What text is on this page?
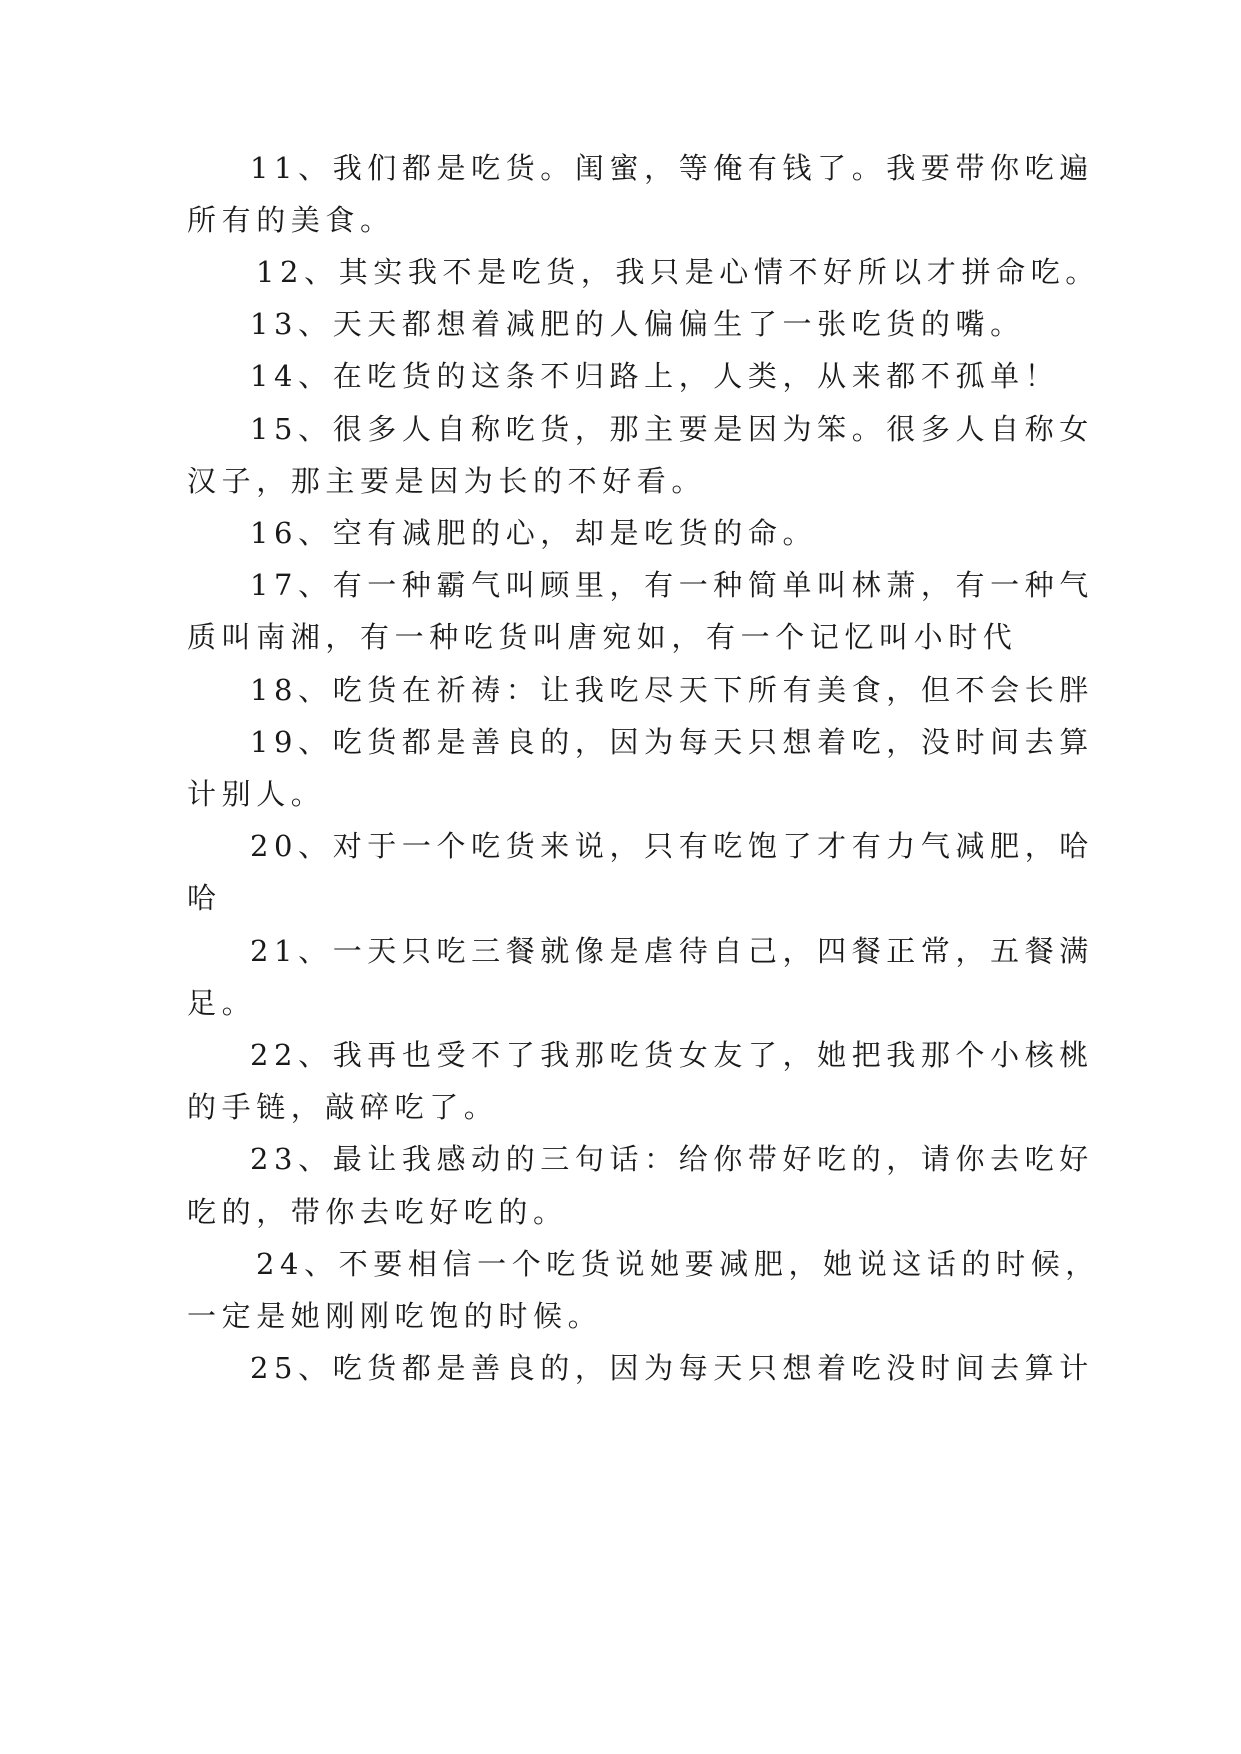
11、我们都是吃货。闺蜜，等俺有钱了。我要带你吃遍
所有的美食。
12、其实我不是吃货，我只是心情不好所以才拼命吃。
13、天天都想着减肥的人偏偏生了一张吃货的嘴。
14、在吃货的这条不归路上，人类，从来都不孤单！
15、很多人自称吃货，那主要是因为笨。很多人自称女
汉子，那主要是因为长的不好看。
16、空有减肥的心，却是吃货的命。
17、有一种霸气叫顾里，有一种简单叫林萧，有一种气
质叫南湘，有一种吃货叫唐宛如，有一个记忆叫小时代
18、吃货在祈祷：让我吃尽天下所有美食，但不会长胖
19、吃货都是善良的，因为每天只想着吃，没时间去算
计别人。
20、对于一个吃货来说，只有吃饱了才有力气减肥，哈
哈
21、一天只吃三餐就像是虐待自己，四餐正常，五餐满
足。
22、我再也受不了我那吃货女友了，她把我那个小核桃
的手链，敲碎吃了。
23、最让我感动的三句话：给你带好吃的，请你去吃好
吃的，带你去吃好吃的。
24、不要相信一个吃货说她要减肥，她说这话的时候，
一定是她刚刚吃饱的时候。
25、吃货都是善良的，因为每天只想着吃没时间去算计
